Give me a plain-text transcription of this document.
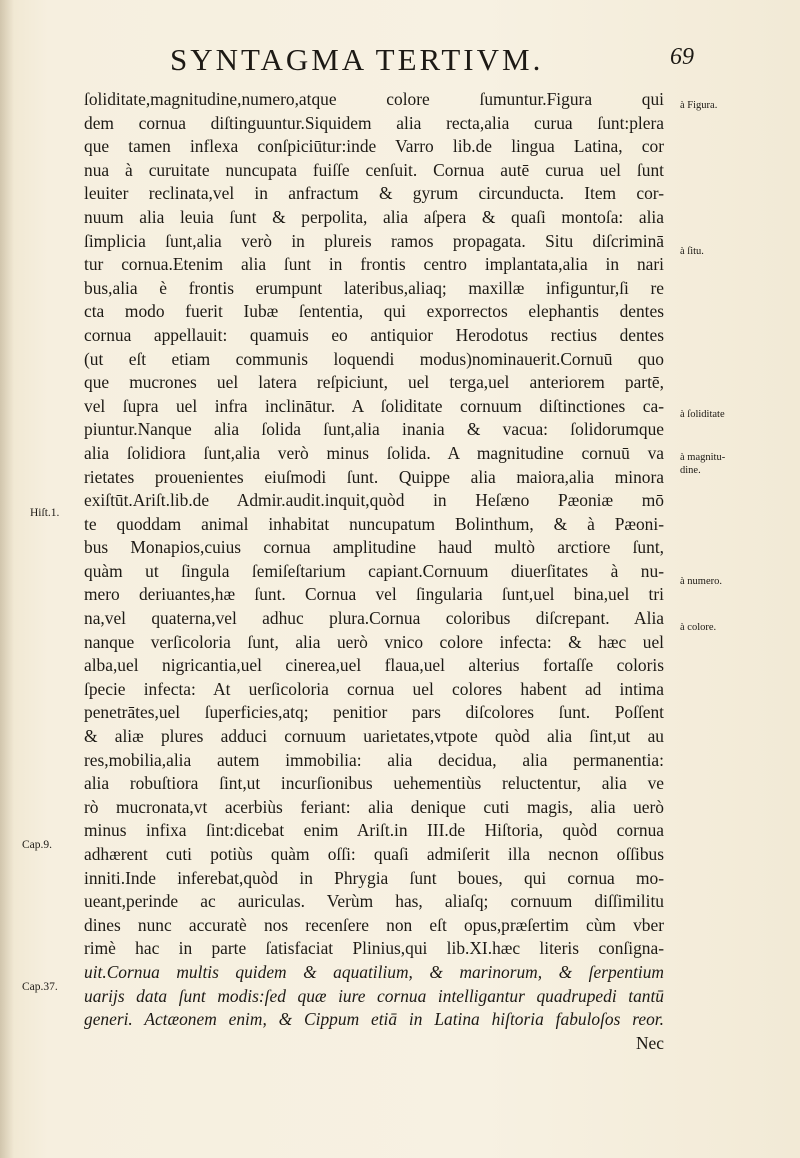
SYNTAGMA TERTIVM.	69
ſoliditate,magnitudine,numero,atque colore ſumuntur.Figura qui
dem cornua diſtinguuntur.Siquidem alia recta,alia curua ſunt:plera
que tamen inflexa conſpiciūtur:inde Varro lib.de lingua Latina, cor
nua à curuitate nuncupata fuiſſe cenſuit. Cornua autē curua uel ſunt
leuiter reclinata,vel in anfractum & gyrum circunducta. Item cor-
nuum alia leuia ſunt & perpolita, alia aſpera & quaſi montoſa: alia
ſimplicia ſunt,alia verò in plureis ramos propagata. Situ diſcriminā
tur cornua.Etenim alia ſunt in frontis centro implantata,alia in nari
bus,alia è frontis erumpunt lateribus,aliaq; maxillæ infiguntur,ſi re
cta modo fuerit Iubæ ſententia, qui exporrectos elephantis dentes
cornua appellauit: quamuis eo antiquior Herodotus rectius dentes
(ut eſt etiam communis loquendi modus)nominauerit.Cornuū quo
que mucrones uel latera reſpiciunt, uel terga,uel anteriorem partē,
vel ſupra uel infra inclinātur. A ſoliditate cornuum diſtinctiones ca-
piuntur.Nanque alia ſolida ſunt,alia inania & vacua: ſolidorumque
alia ſolidiora ſunt,alia verò minus ſolida. A magnitudine cornuū va
rietates prouenientes eiuſmodi ſunt. Quippe alia maiora,alia minora
exiſtūt.Ariſt.lib.de Admir.audit.inquit,quòd in Heſæno Pæoniæ mō
te quoddam animal inhabitat nuncupatum Bolinthum, & à Pæoni-
bus Monapios,cuius cornua amplitudine haud multò arctiore ſunt,
quàm ut ſingula ſemiſeſtarium capiant.Cornuum diuerſitates à nu-
mero deriuantes,hæ ſunt. Cornua vel ſingularia ſunt,uel bina,uel tri
na,vel quaterna,vel adhuc plura.Cornua coloribus diſcrepant. Alia
nanque verſicoloria ſunt, alia uerò vnico colore infecta: & hæc uel
alba,uel nigricantia,uel cinerea,uel flaua,uel alterius fortaſſe coloris
ſpecie infecta: At uerſicoloria cornua uel colores habent ad intima
penetrātes,uel ſuperficies,atq; penitior pars diſcolores ſunt. Poſſent
& aliæ plures adduci cornuum uarietates,vtpote quòd alia ſint,ut au
res,mobilia,alia autem immobilia: alia decidua, alia permanentia:
alia robuſtiora ſint,ut incurſionibus uehementiùs reluctentur, alia ve
rò mucronata,vt acerbiùs feriant: alia denique cuti magis, alia uerò
minus infixa ſint:dicebat enim Ariſt.in III.de Hiſtoria, quòd cornua
adhærent cuti potiùs quàm oſſi: quaſi admiſerit illa necnon oſſibus
inniti.Inde inferebat,quòd in Phrygia ſunt boues, qui cornua mo-
ueant,perinde ac auriculas. Verùm has, aliaſq; cornuum diſſimilitu
dines nunc accuratè nos recenſere non eſt opus,præſertim cùm vber
rimè hac in parte ſatisfaciat Plinius,qui lib.XI.hæc literis conſigna-
uit.Cornua multis quidem & aquatilium, & marinorum, & ſerpentium
uarijs data ſunt modis:ſed quæ iure cornua intelligantur quadrupedi tantū
generi. Actæonem enim, & Cippum etiā in Latina hiſtoria fabuloſos reor.
Nec
à Figura.
à ſitu.
à ſoliditate
à magnitu-
dine.
à numero.
à colore.
Hiſt.1.
Cap.9.
Cap.37.
